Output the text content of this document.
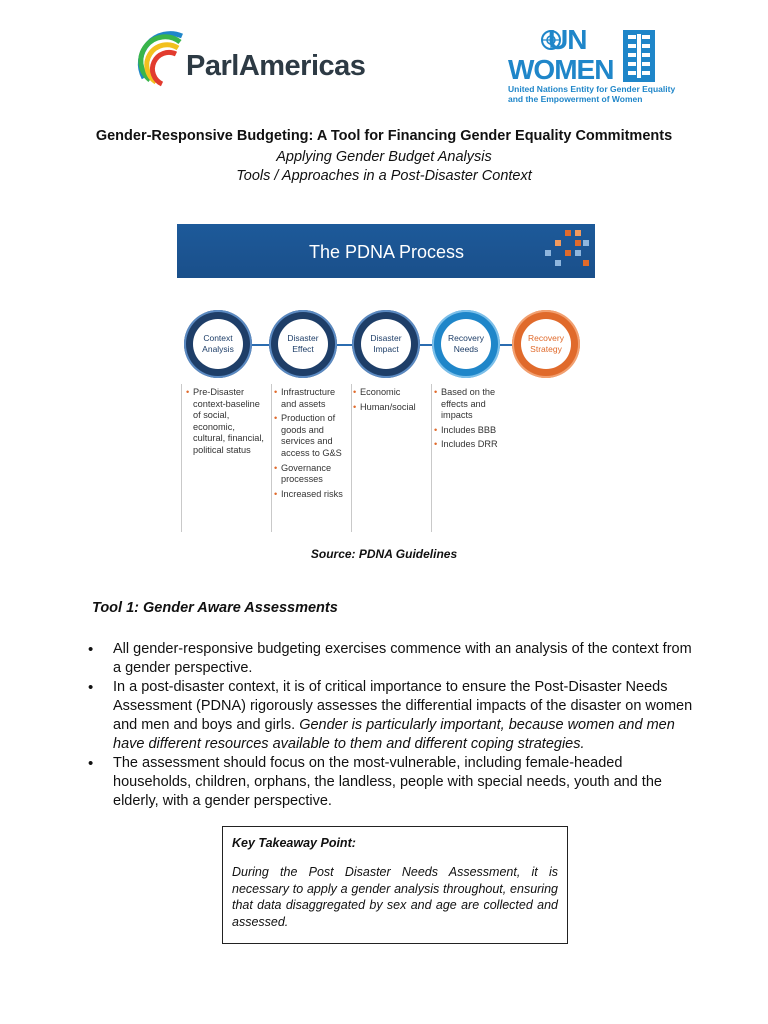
ParlAmericas
UN
WOMEN
United Nations Entity for Gender Equality
and the Empowerment of Women
Gender-Responsive Budgeting: A Tool for Financing Gender Equality Commitments
Applying Gender Budget Analysis
Tools / Approaches in a Post-Disaster Context
The PDNA Process
Context
Analysis
Disaster
Effect
Disaster
Impact
Recovery
Needs
Recovery
Strategy
• Pre-Disaster context-baseline of social, economic, cultural, financial, political status
• Infrastructure and assets
• Production of goods and services and access to G&S
• Governance processes
• Increased risks
• Economic
• Human/social
• Based on the effects and impacts
• Includes BBB
• Includes DRR
Source: PDNA Guidelines
Tool 1: Gender Aware Assessments
• All gender-responsive budgeting exercises commence with an analysis of the context from a gender perspective.
• In a post-disaster context, it is of critical importance to ensure the Post-Disaster Needs Assessment (PDNA) rigorously assesses the differential impacts of the disaster on women and men and boys and girls. Gender is particularly important, because women and men have different resources available to them and different coping strategies.
• The assessment should focus on the most-vulnerable, including female-headed households, children, orphans, the landless, people with special needs, youth and the elderly, with a gender perspective.
Key Takeaway Point:
During the Post Disaster Needs Assessment, it is necessary to apply a gender analysis throughout, ensuring that data disaggregated by sex and age are collected and assessed.
